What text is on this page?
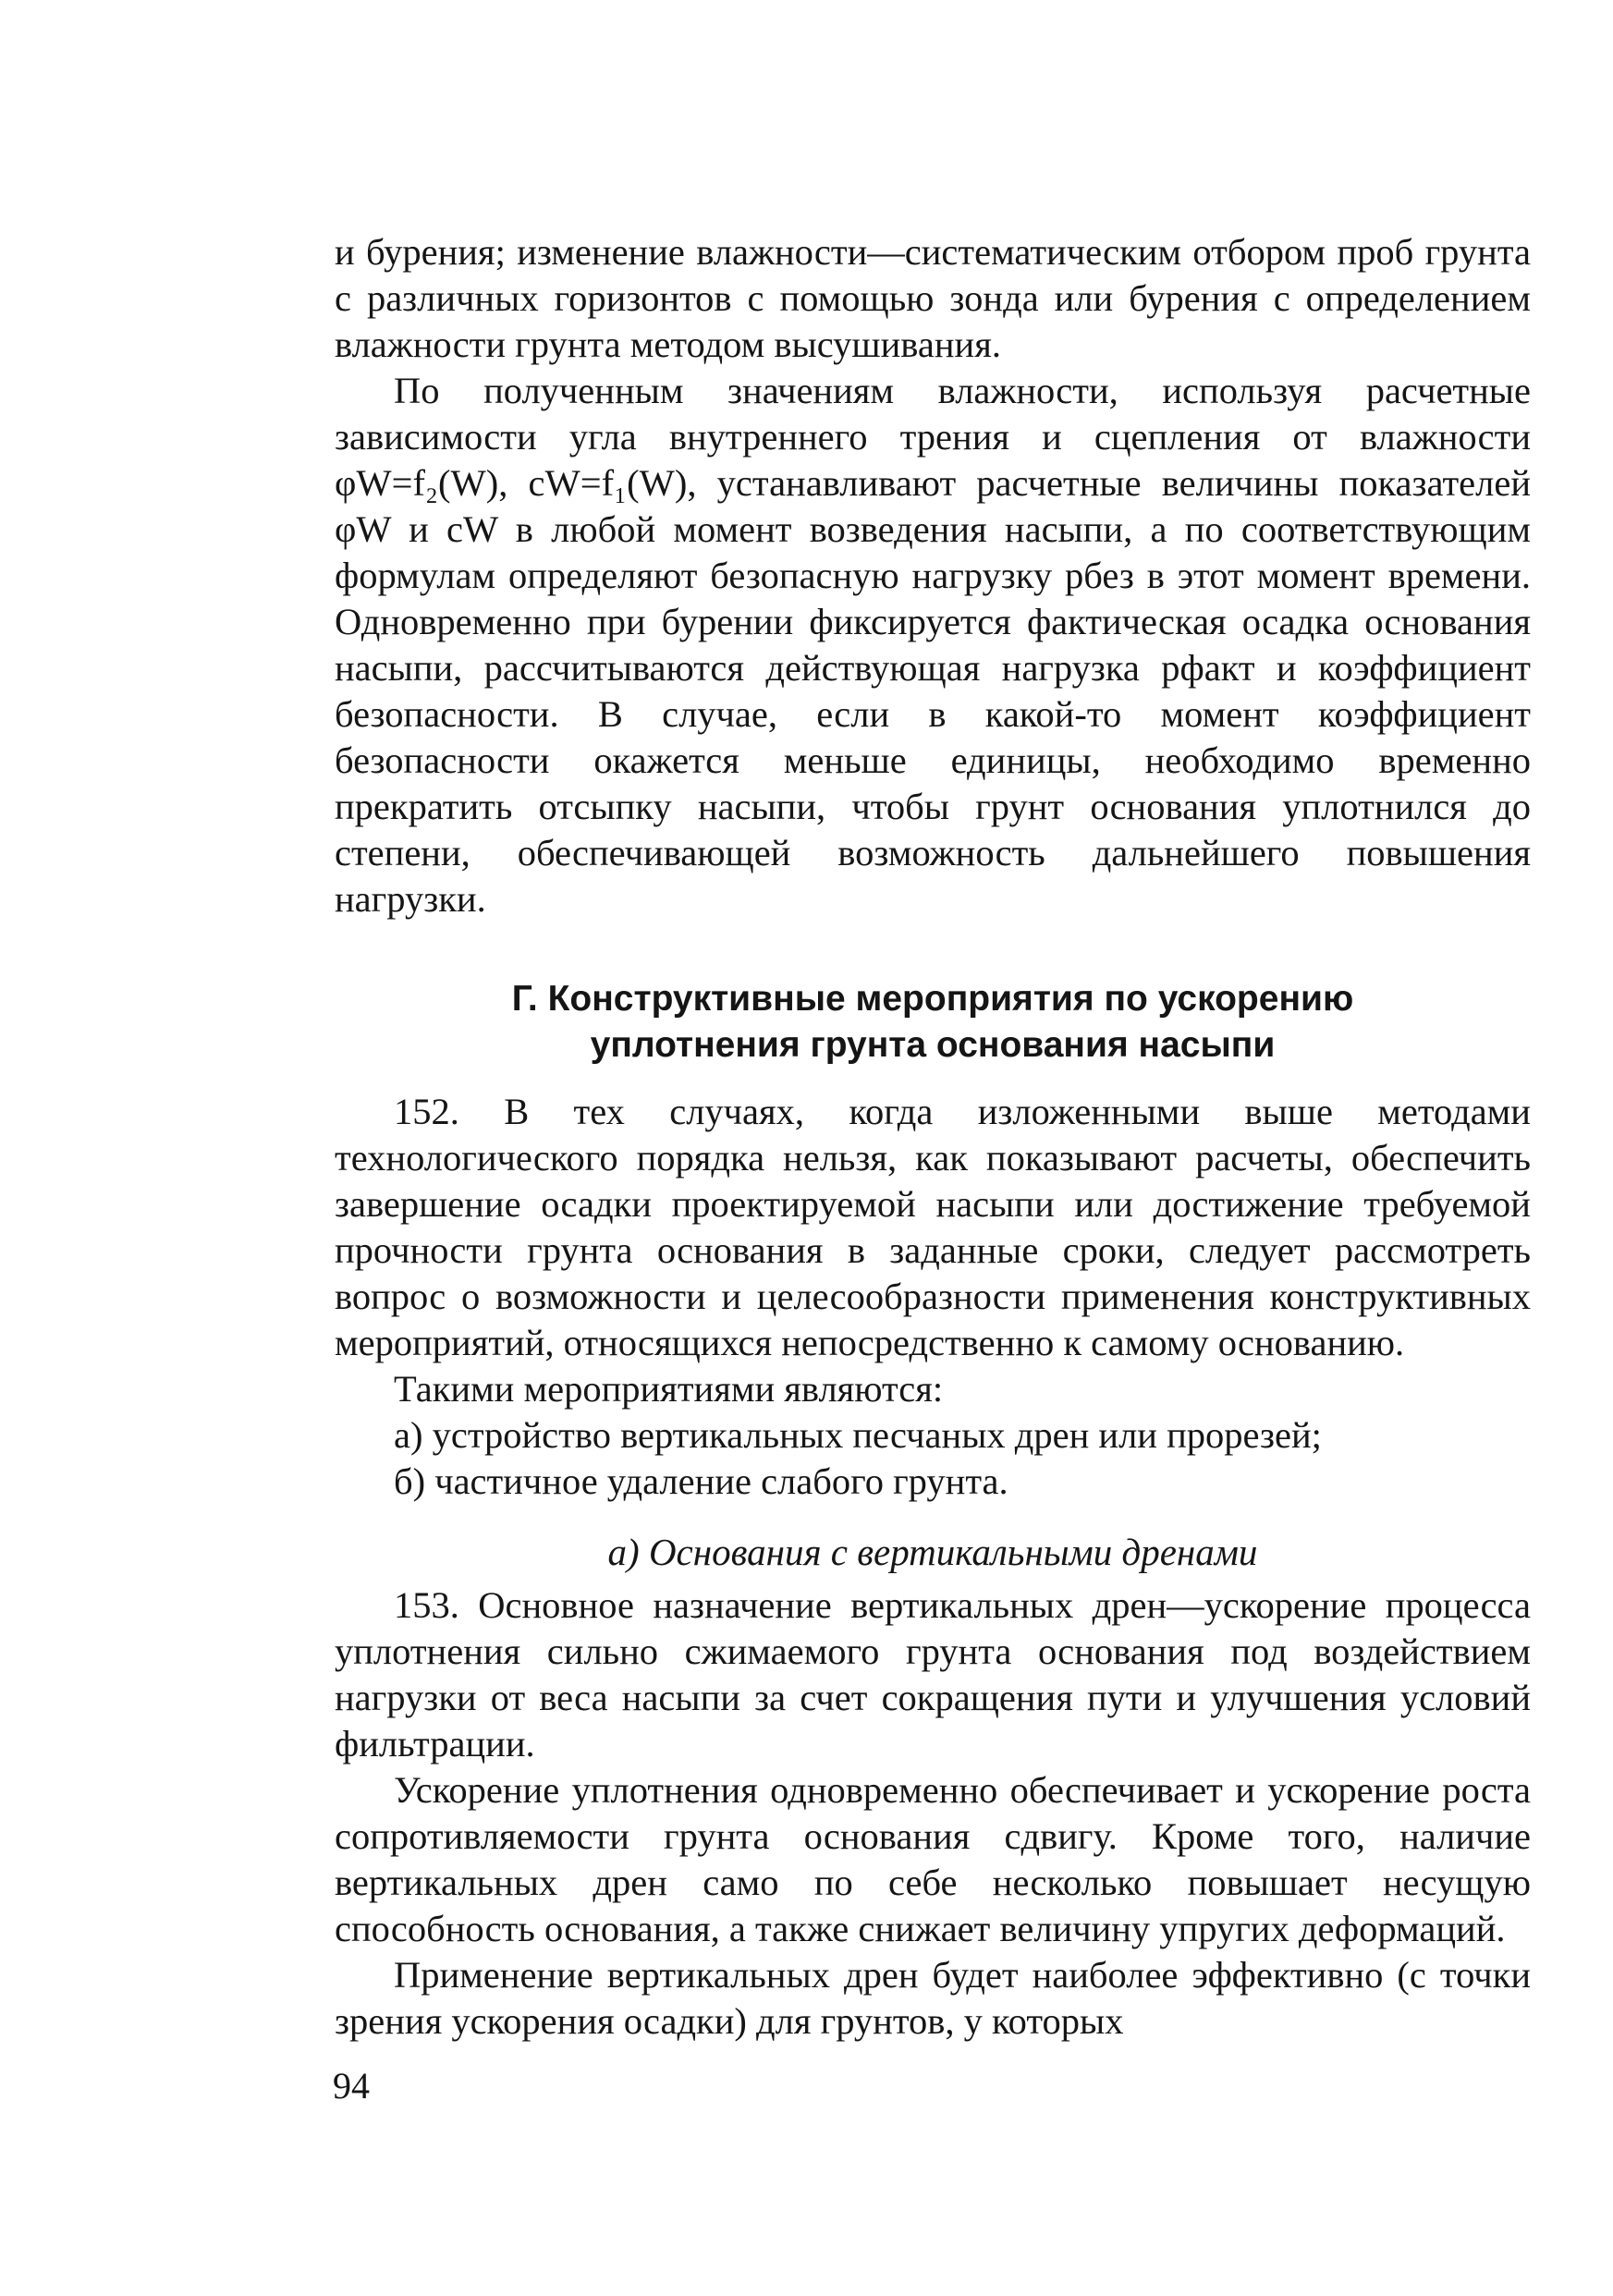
и бурения; изменение влажности—систематическим отбором проб грунта с различных горизонтов с помощью зонда или бурения с определением влажности грунта методом высушивания.

По полученным значениям влажности, используя расчетные зависимости угла внутреннего трения и сцепления от влажности φW=f₂(W), cW=f₁(W), устанавливают расчетные величины показателей φW и cW в любой момент возведения насыпи, а по соответствующим формулам определяют безопасную нагрузку pбез в этот момент времени. Одновременно при бурении фиксируется фактическая осадка основания насыпи, рассчитываются действующая нагрузка pфакт и коэффициент безопасности. В случае, если в какой-то момент коэффициент безопасности окажется меньше единицы, необходимо временно прекратить отсыпку насыпи, чтобы грунт основания уплотнился до степени, обеспечивающей возможность дальнейшего повышения нагрузки.

Г. Конструктивные мероприятия по ускорению
уплотнения грунта основания насыпи

152. В тех случаях, когда изложенными выше методами технологического порядка нельзя, как показывают расчеты, обеспечить завершение осадки проектируемой насыпи или достижение требуемой прочности грунта основания в заданные сроки, следует рассмотреть вопрос о возможности и целесообразности применения конструктивных мероприятий, относящихся непосредственно к самому основанию.

Такими мероприятиями являются:

а) устройство вертикальных песчаных дрен или прорезей;

б) частичное удаление слабого грунта.

а) Основания с вертикальными дренами

153. Основное назначение вертикальных дрен—ускорение процесса уплотнения сильно сжимаемого грунта основания под воздействием нагрузки от веса насыпи за счет сокращения пути и улучшения условий фильтрации.

Ускорение уплотнения одновременно обеспечивает и ускорение роста сопротивляемости грунта основания сдвигу. Кроме того, наличие вертикальных дрен само по себе несколько повышает несущую способность основания, а также снижает величину упругих деформаций.

Применение вертикальных дрен будет наиболее эффективно (с точки зрения ускорения осадки) для грунтов, у которых

94
